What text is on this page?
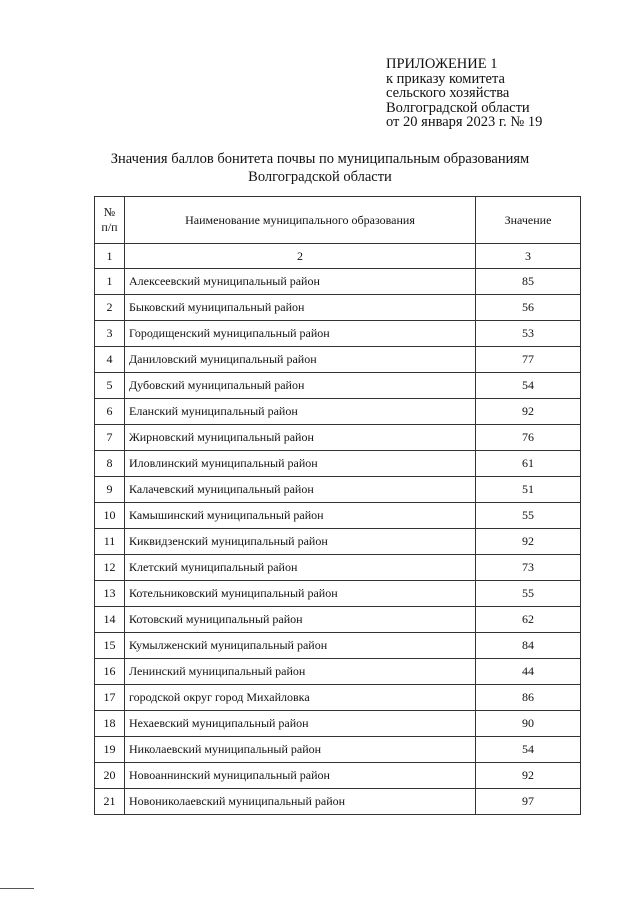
ПРИЛОЖЕНИЕ 1
к приказу комитета
сельского хозяйства
Волгоградской области
от 20 января 2023 г. № 19
Значения баллов бонитета почвы по муниципальным образованиям
Волгоградской области
№
п/п	Наименование муниципального образования	Значение
1	2	3
1	Алексеевский муниципальный район	85
2	Быковский муниципальный район	56
3	Городищенский муниципальный район	53
4	Даниловский муниципальный район	77
5	Дубовский муниципальный район	54
6	Еланский муниципальный район	92
7	Жирновский муниципальный район	76
8	Иловлинский муниципальный район	61
9	Калачевский муниципальный район	51
10	Камышинский муниципальный район	55
11	Киквидзенский муниципальный район	92
12	Клетский муниципальный район	73
13	Котельниковский муниципальный район	55
14	Котовский муниципальный район	62
15	Кумылженский муниципальный район	84
16	Ленинский муниципальный район	44
17	городской округ город Михайловка	86
18	Нехаевский муниципальный район	90
19	Николаевский муниципальный район	54
20	Новоаннинский муниципальный район	92
21	Новониколаевский муниципальный район	97
